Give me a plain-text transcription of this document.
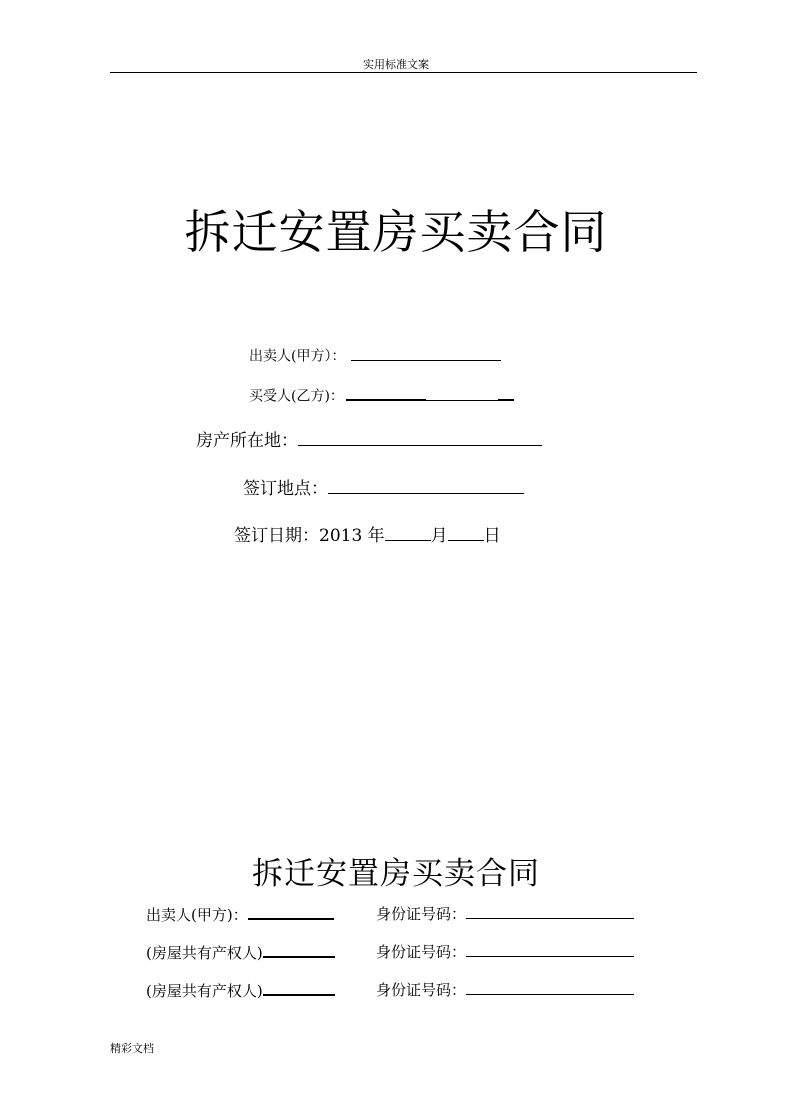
实用标准文案
拆迁安置房买卖合同
出卖人(甲方）：
买受人(乙方)：
房产所在地：
签订地点：
签订日期：2013 年	月 日
拆迁安置房买卖合同
出卖人(甲方)：	身份证号码：
(房屋共有产权人)	身份证号码：
(房屋共有产权人)	身份证号码：
精彩文档
